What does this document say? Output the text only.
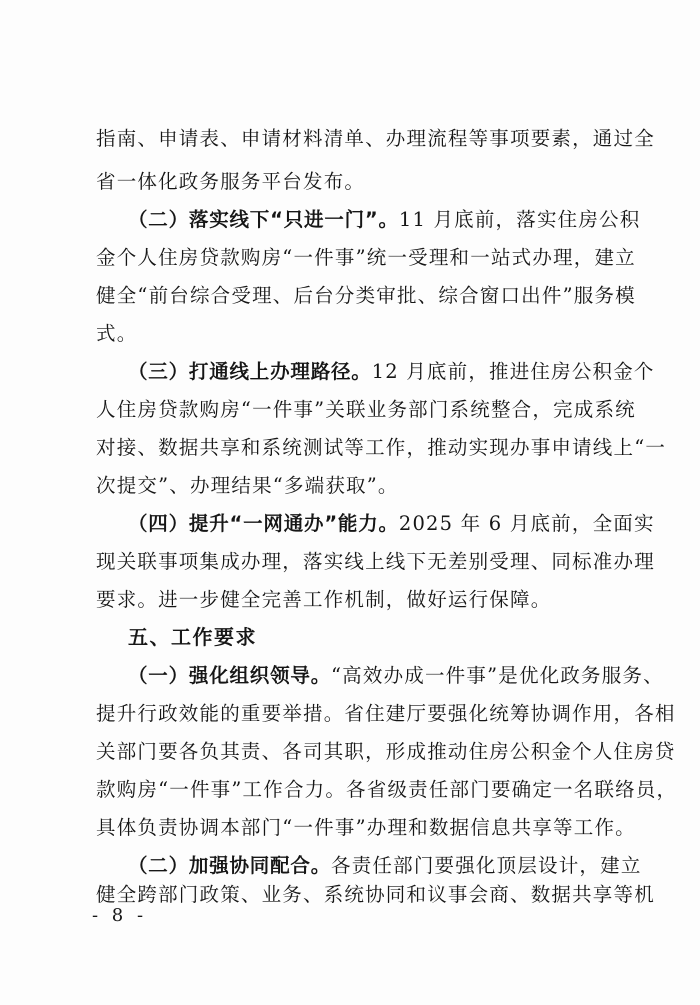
指南、申请表、申请材料清单、办理流程等事项要素，通过全
省一体化政务服务平台发布。
（二）落实线下“只进一门”。11 月底前，落实住房公积
金个人住房贷款购房“一件事”统一受理和一站式办理，建立
健全“前台综合受理、后台分类审批、综合窗口出件”服务模
式。
（三）打通线上办理路径。12 月底前，推进住房公积金个
人住房贷款购房“一件事”关联业务部门系统整合，完成系统
对接、数据共享和系统测试等工作，推动实现办事申请线上“一
次提交”、办理结果“多端获取”。
（四）提升“一网通办”能力。2025 年 6 月底前，全面实
现关联事项集成办理，落实线上线下无差别受理、同标准办理
要求。进一步健全完善工作机制，做好运行保障。
五、工作要求
（一）强化组织领导。“高效办成一件事”是优化政务服务、
提升行政效能的重要举措。省住建厅要强化统筹协调作用，各相
关部门要各负其责、各司其职，形成推动住房公积金个人住房贷
款购房“一件事”工作合力。各省级责任部门要确定一名联络员，
具体负责协调本部门“一件事”办理和数据信息共享等工作。
（二）加强协同配合。各责任部门要强化顶层设计，建立
健全跨部门政策、业务、系统协同和议事会商、数据共享等机
- 8 -
